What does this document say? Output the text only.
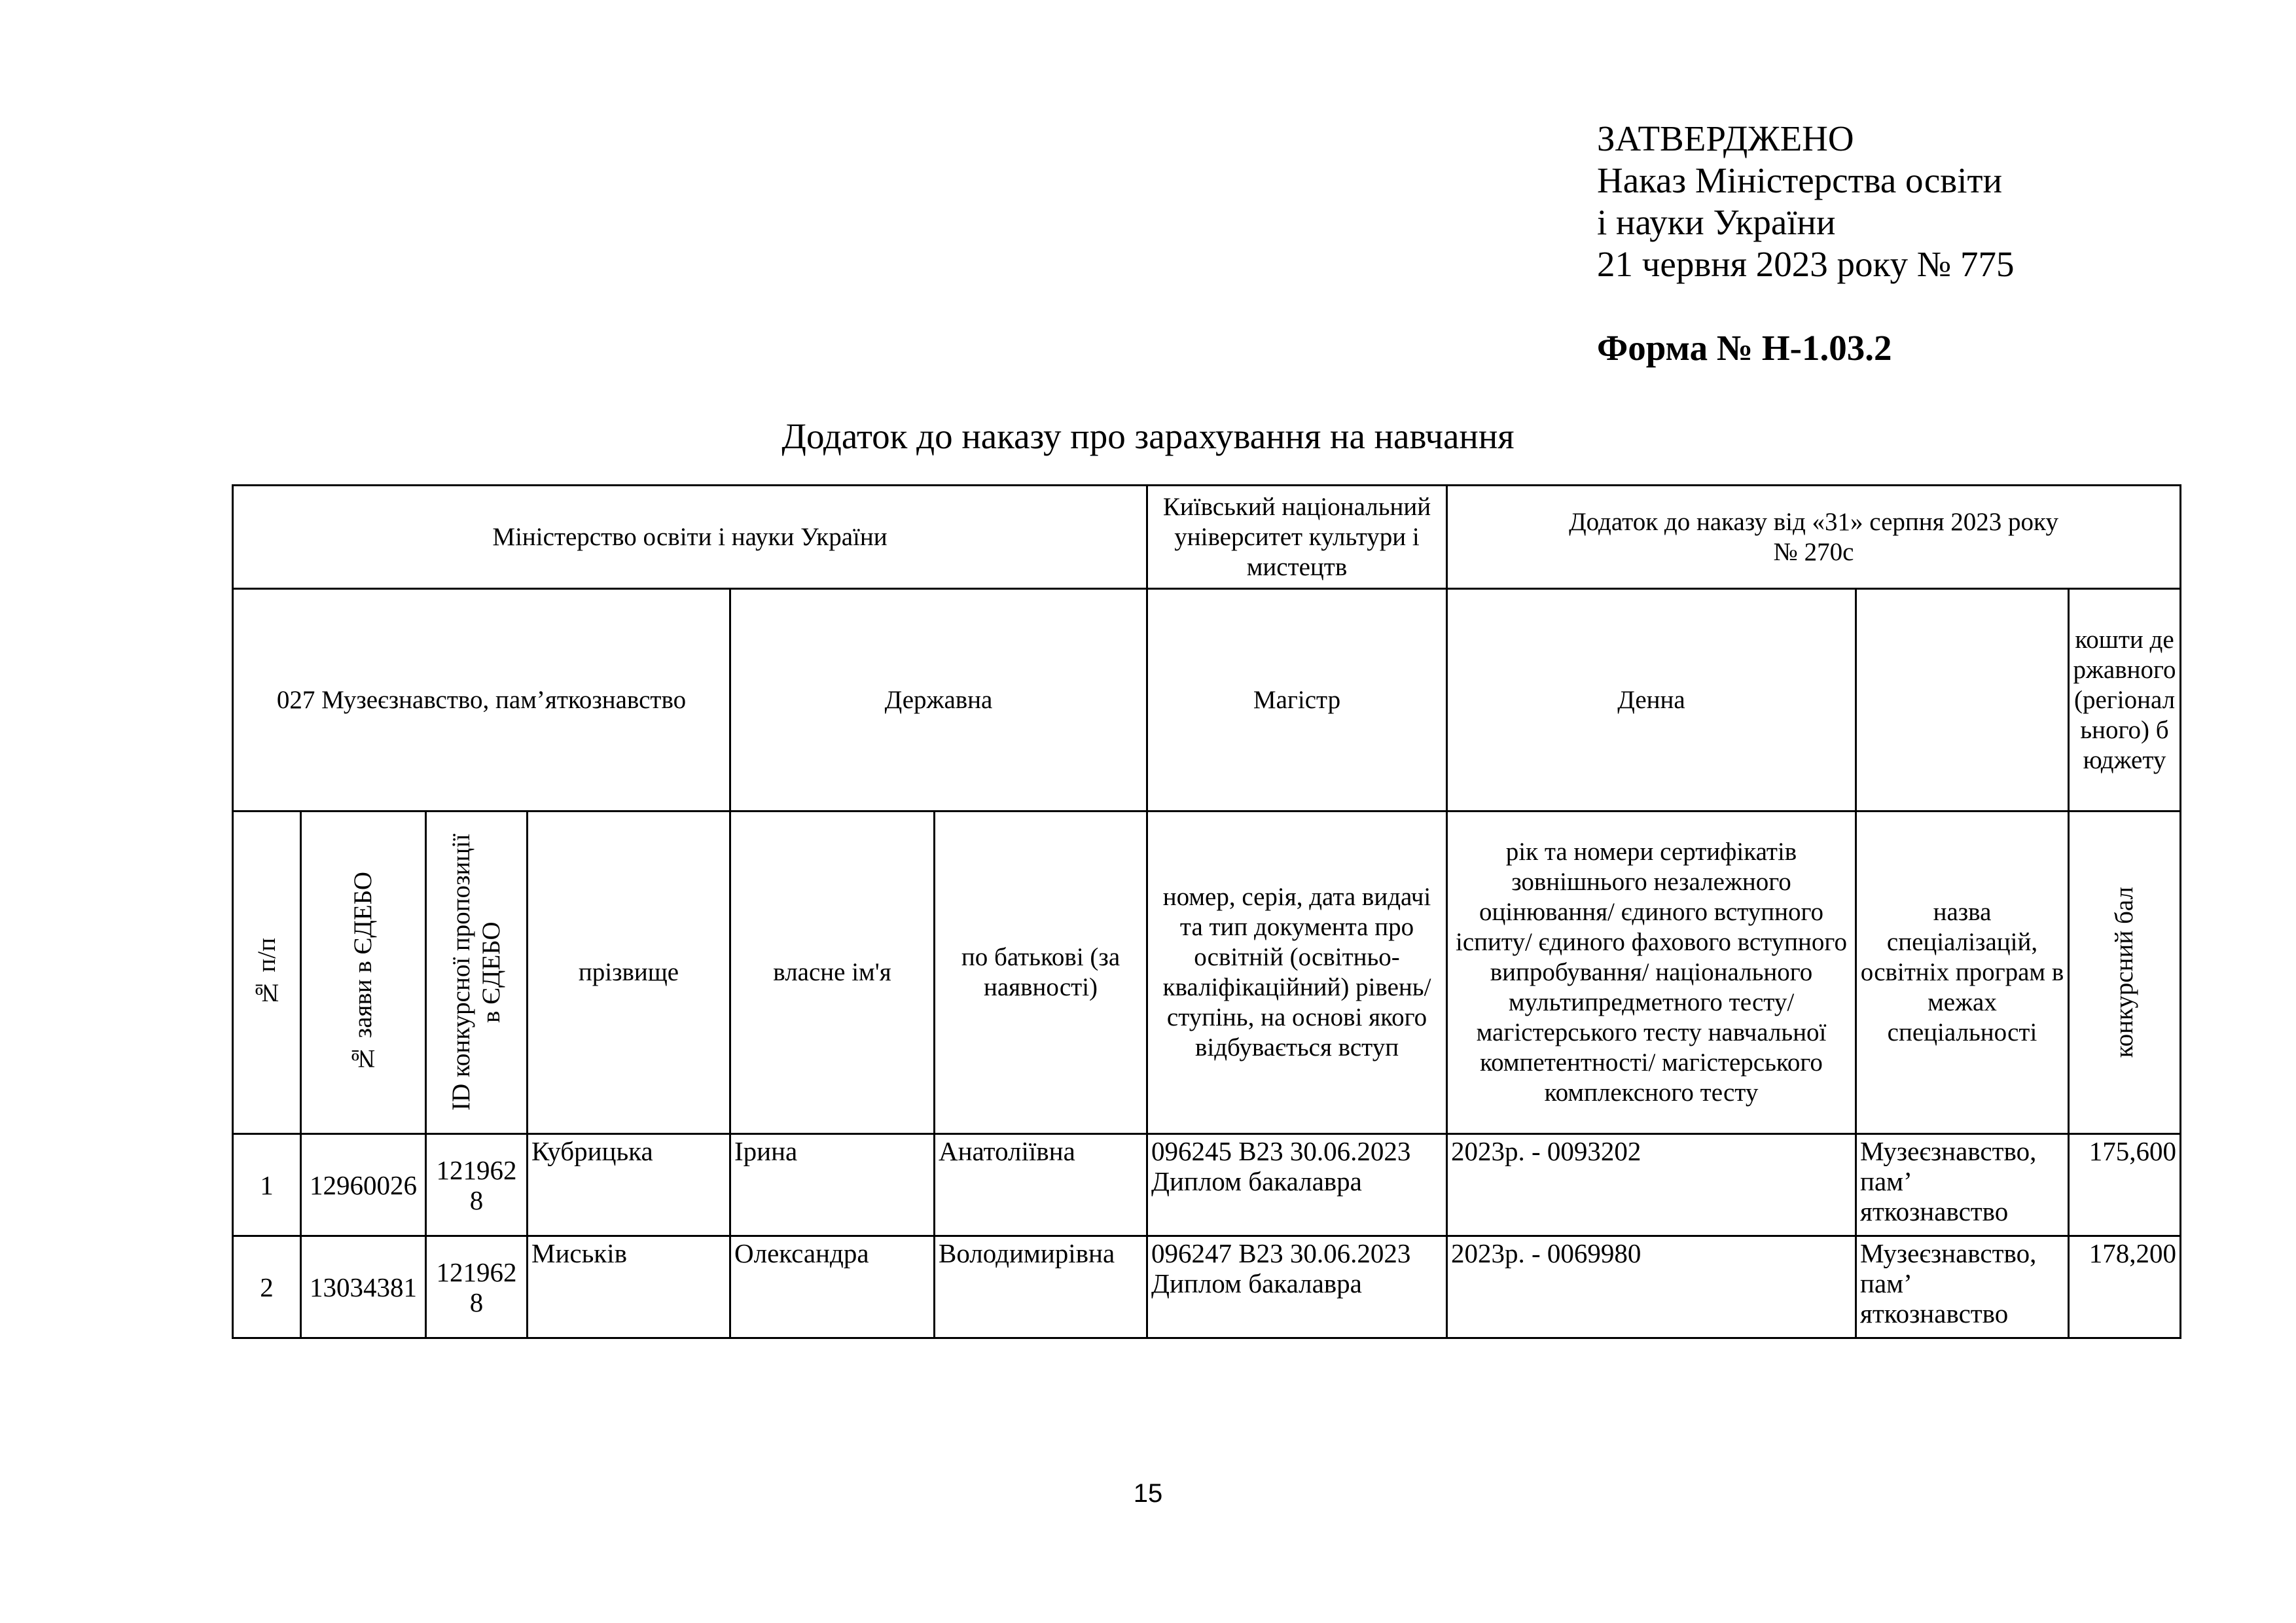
ЗАТВЕРДЖЕНО
Наказ Міністерства освіти
і науки України
21 червня 2023 року № 775
Форма № Н-1.03.2
Додаток до наказу про зарахування на навчання
Міністерство освіти і науки України						Київський національний університет культури і мистецтв	Додаток до наказу від «31» серпня 2023 року
№ 270с		

027 Музеєзнавство, пам’яткознавство				Державна		Магістр	Денна		кошти державного (регіонального) бюджету

№ п/п	№ заяви в ЄДЕБО	ID конкурсної пропозиції в ЄДЕБО	прізвище	власне ім'я	по батькові (за наявності)	номер, серія, дата видачі та тип документа про освітній (освітньо-кваліфікаційний) рівень/ступінь, на основі якого відбувається вступ	рік та номери сертифікатів зовнішнього незалежного оцінювання/ єдиного вступного іспиту/ єдиного фахового вступного випробування/ національного мультипредметного тесту/ магістерського тесту навчальної компетентності/ магістерського комплексного тесту	назва спеціалізацій, освітніх програм в межах спеціальності	конкурсний бал

1	12960026	1219628	Кубрицька	Ірина	Анатоліївна	096245 В23 30.06.2023
Диплом бакалавра	2023р. - 0093202	Музеєзнавство, пам’ яткознавство	175,600
2	13034381	1219628	Миськів	Олександра	Володимирівна	096247 В23 30.06.2023
Диплом бакалавра	2023р. - 0069980	Музеєзнавство, пам’ яткознавство	178,200
15
